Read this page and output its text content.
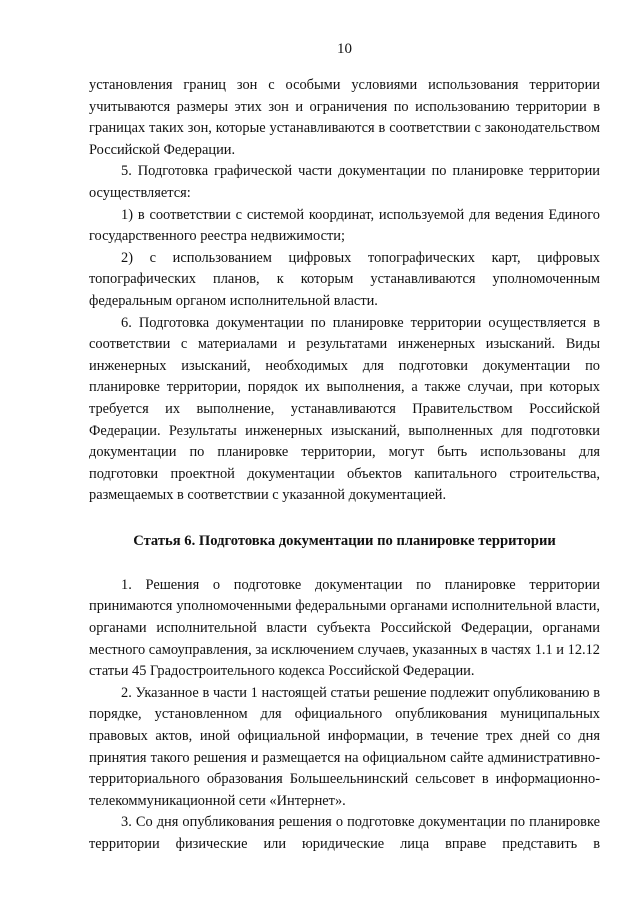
10

установления границ зон с особыми условиями использования территории учитываются размеры этих зон и ограничения по использованию территории в границах таких зон, которые устанавливаются в соответствии с законодательством Российской Федерации.

5. Подготовка графической части документации по планировке территории осуществляется:

1) в соответствии с системой координат, используемой для ведения Единого государственного реестра недвижимости;

2) с использованием цифровых топографических карт, цифровых топографических планов, к которым устанавливаются уполномоченным федеральным органом исполнительной власти.

6. Подготовка документации по планировке территории осуществляется в соответствии с материалами и результатами инженерных изысканий. Виды инженерных изысканий, необходимых для подготовки документации по планировке территории, порядок их выполнения, а также случаи, при которых требуется их выполнение, устанавливаются Правительством Российской Федерации. Результаты инженерных изысканий, выполненных для подготовки документации по планировке территории, могут быть использованы для подготовки проектной документации объектов капитального строительства, размещаемых в соответствии с указанной документацией.

Статья 6. Подготовка документации по планировке территории

1. Решения о подготовке документации по планировке территории принимаются уполномоченными федеральными органами исполнительной власти, органами исполнительной власти субъекта Российской Федерации, органами местного самоуправления, за исключением случаев, указанных в частях 1.1 и 12.12 статьи 45 Градостроительного кодекса Российской Федерации.

2. Указанное в части 1 настоящей статьи решение подлежит опубликованию в порядке, установленном для официального опубликования муниципальных правовых актов, иной официальной информации, в течение трех дней со дня принятия такого решения и размещается на официальном сайте административно-территориального образования Большеельнинский сельсовет в информационно-телекоммуникационной сети «Интернет».

3. Со дня опубликования решения о подготовке документации по планировке территории физические или юридические лица вправе представить в
